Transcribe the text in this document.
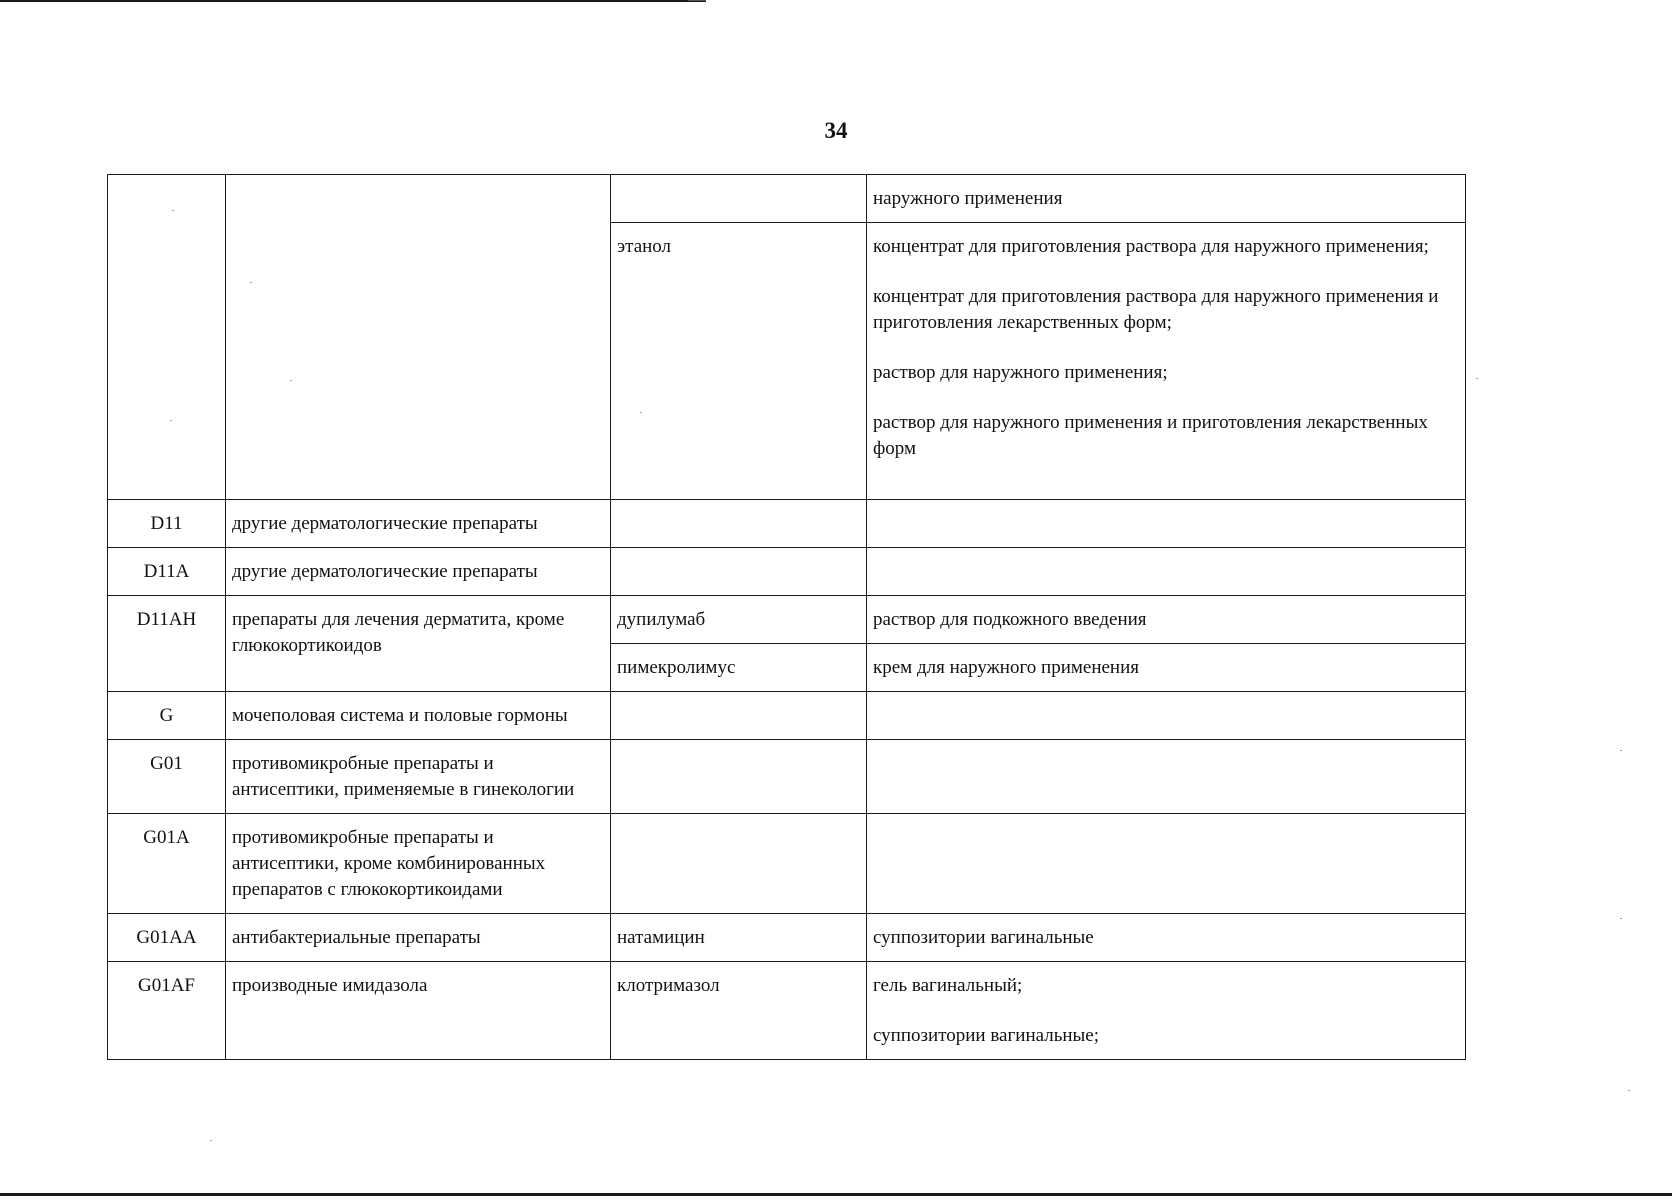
34

			наружного применения

		этанол	концентрат для приготовления раствора для наружного применения;
концентрат для приготовления раствора для наружного применения и приготовления лекарственных форм;
раствор для наружного применения;
раствор для наружного применения и приготовления лекарственных форм

D11	другие дерматологические препараты		
D11A	другие дерматологические препараты		
D11AH	препараты для лечения дерматита, кроме глюкокортикоидов	дупилумаб	раствор для подкожного введения

		пимекролимус	крем для наружного применения

G	мочеполовая система и половые гормоны		
G01	противомикробные препараты и антисептики, применяемые в гинекологии		
G01A	противомикробные препараты и антисептики, кроме комбинированных препаратов с глюкокортикоидами		
G01AA	антибактериальные препараты	натамицин	суппозитории вагинальные

G01AF	производные имидазола	клотримазол	гель вагинальный;
суппозитории вагинальные;
